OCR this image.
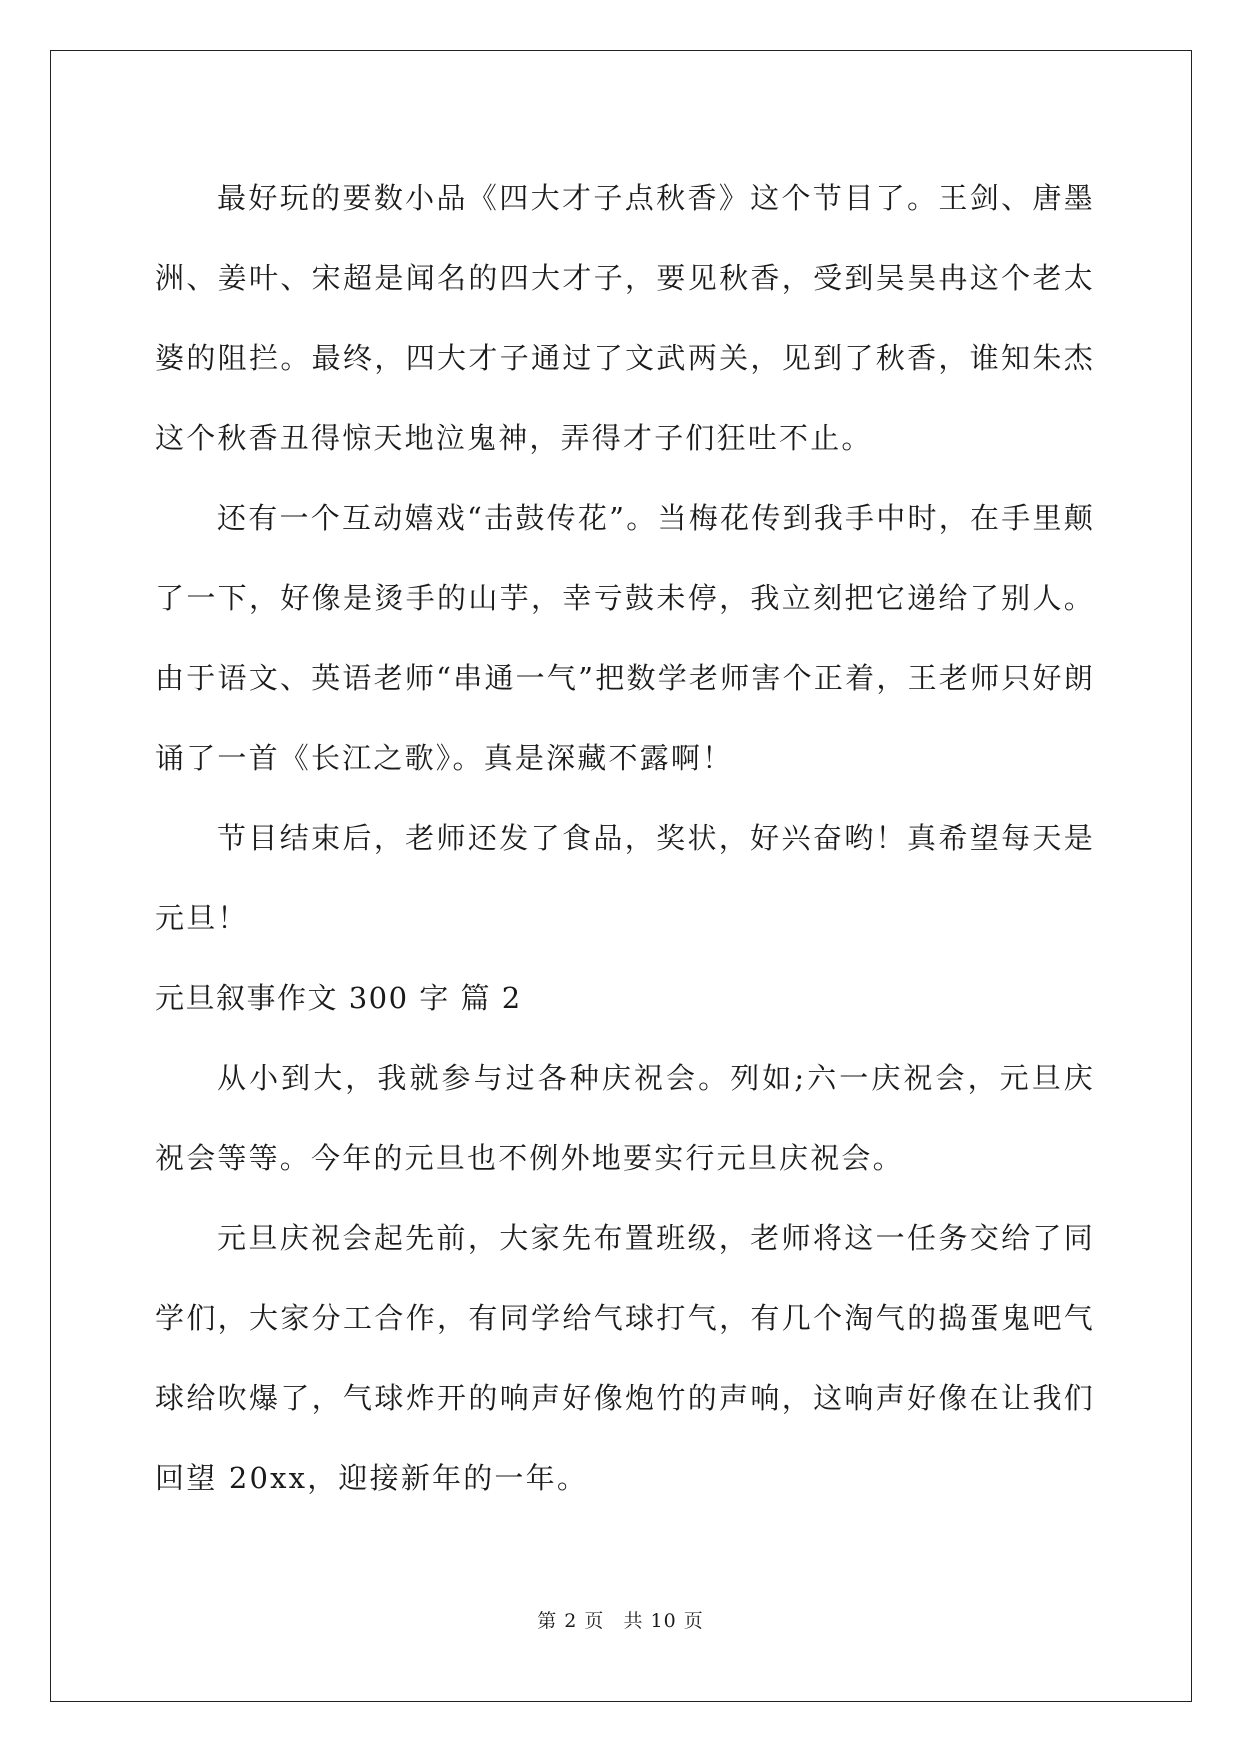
最好玩的要数小品《四大才子点秋香》这个节目了。王剑、唐墨洲、姜叶、宋超是闻名的四大才子，要见秋香，受到吴昊冉这个老太婆的阻拦。最终，四大才子通过了文武两关，见到了秋香，谁知朱杰这个秋香丑得惊天地泣鬼神，弄得才子们狂吐不止。

还有一个互动嬉戏“击鼓传花”。当梅花传到我手中时，在手里颠了一下，好像是烫手的山芋，幸亏鼓未停，我立刻把它递给了别人。由于语文、英语老师“串通一气”把数学老师害个正着，王老师只好朗诵了一首《长江之歌》。真是深藏不露啊！

节目结束后，老师还发了食品，奖状，好兴奋哟！真希望每天是元旦！

元旦叙事作文 300 字 篇 2

从小到大，我就参与过各种庆祝会。列如;六一庆祝会，元旦庆祝会等等。今年的元旦也不例外地要实行元旦庆祝会。

元旦庆祝会起先前，大家先布置班级，老师将这一任务交给了同学们，大家分工合作，有同学给气球打气，有几个淘气的捣蛋鬼吧气球给吹爆了，气球炸开的响声好像炮竹的声响，这响声好像在让我们回望 20xx，迎接新年的一年。

第 2 页 共 10 页
